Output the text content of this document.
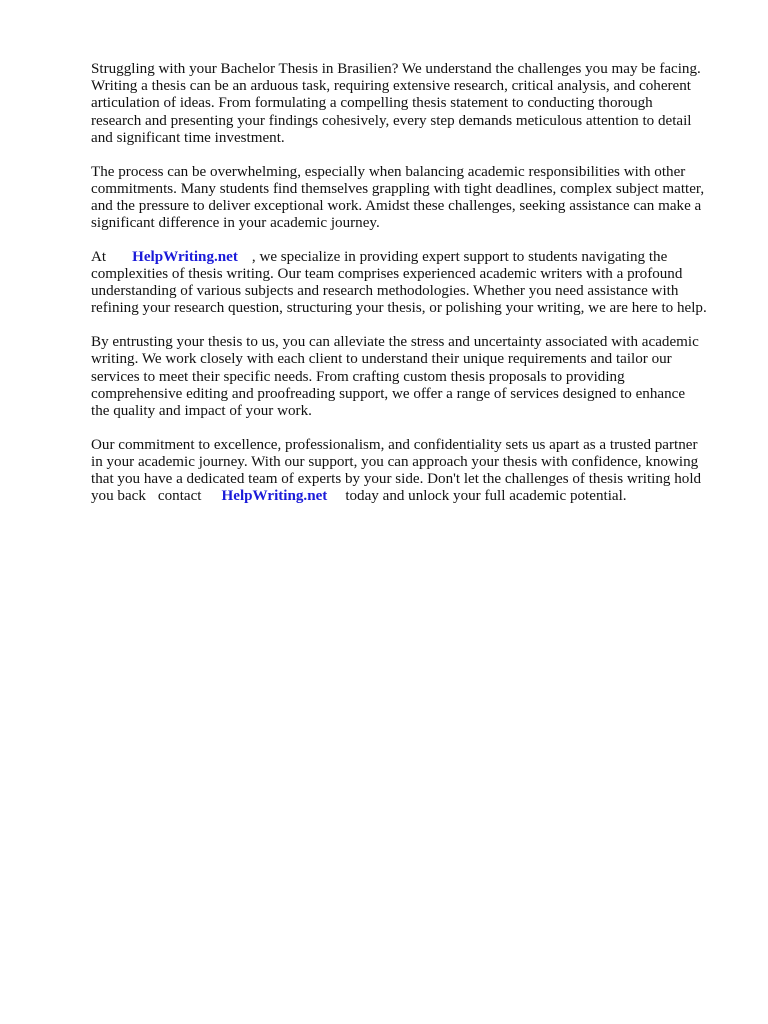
Struggling with your Bachelor Thesis in Brasilien? We understand the challenges you may be facing.
Writing a thesis can be an arduous task, requiring extensive research, critical analysis, and coherent
articulation of ideas. From formulating a compelling thesis statement to conducting thorough
research and presenting your findings cohesively, every step demands meticulous attention to detail
and significant time investment.

The process can be overwhelming, especially when balancing academic responsibilities with other
commitments. Many students find themselves grappling with tight deadlines, complex subject matter,
and the pressure to deliver exceptional work. Amidst these challenges, seeking assistance can make a
significant difference in your academic journey.

At HelpWriting.net , we specialize in providing expert support to students navigating the
complexities of thesis writing. Our team comprises experienced academic writers with a profound
understanding of various subjects and research methodologies. Whether you need assistance with
refining your research question, structuring your thesis, or polishing your writing, we are here to help.

By entrusting your thesis to us, you can alleviate the stress and uncertainty associated with academic
writing. We work closely with each client to understand their unique requirements and tailor our
services to meet their specific needs. From crafting custom thesis proposals to providing
comprehensive editing and proofreading support, we offer a range of services designed to enhance
the quality and impact of your work.

Our commitment to excellence, professionalism, and confidentiality sets us apart as a trusted partner
in your academic journey. With our support, you can approach your thesis with confidence, knowing
that you have a dedicated team of experts by your side. Don't let the challenges of thesis writing hold
you back contact HelpWriting.net today and unlock your full academic potential.
